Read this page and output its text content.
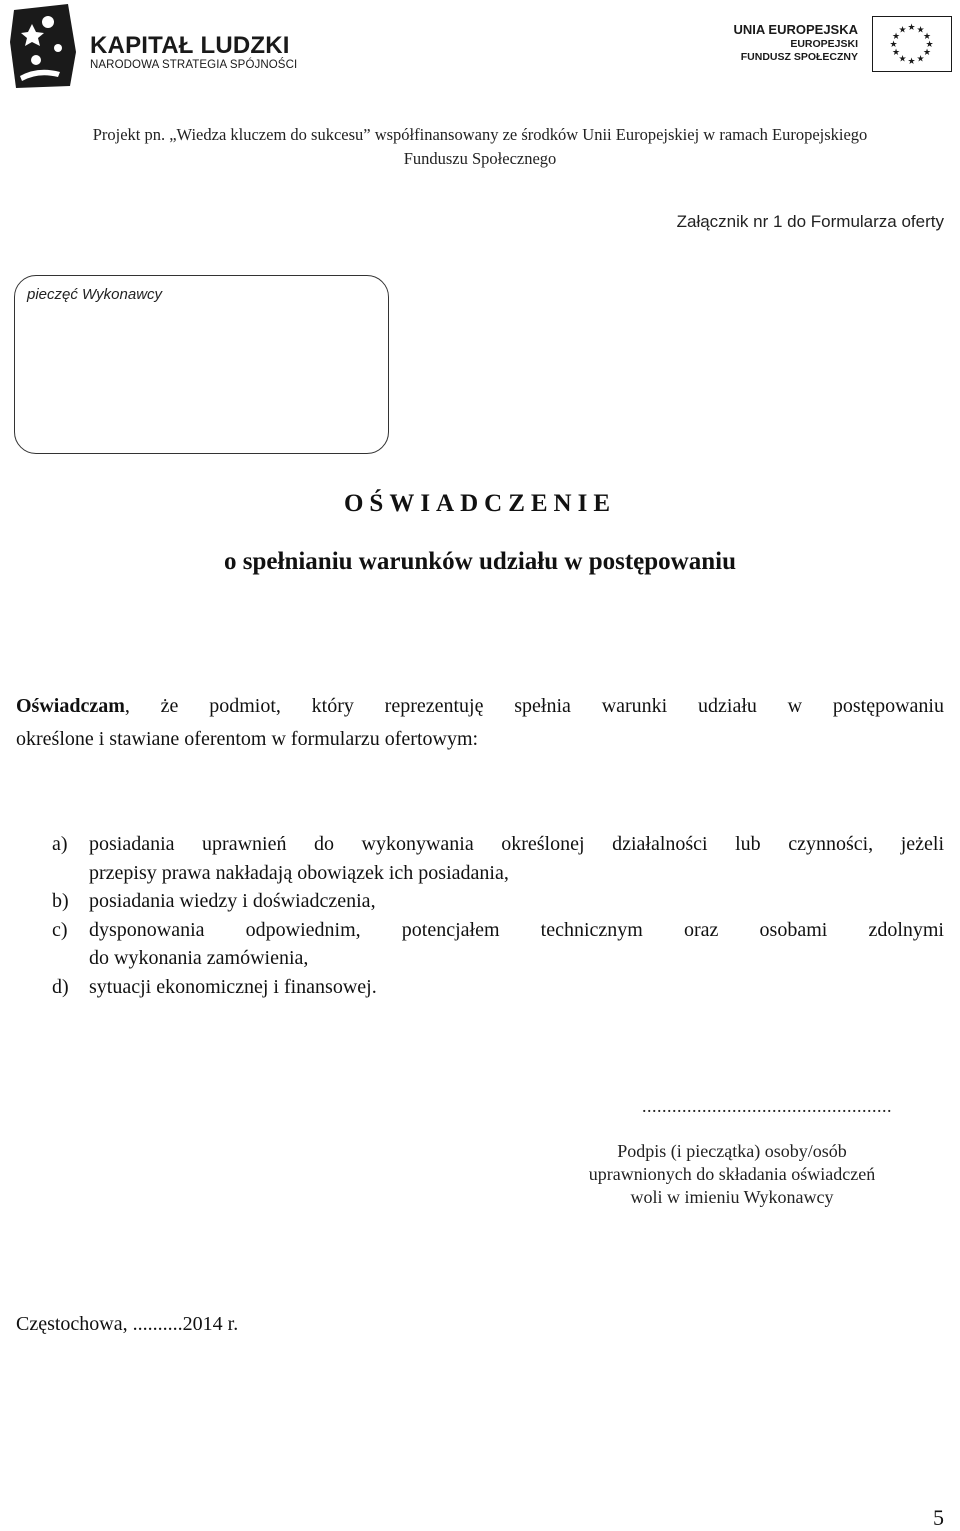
KAPITAŁ LUDZKI
NARODOWA STRATEGIA SPÓJNOŚCI
UNIA EUROPEJSKA
EUROPEJSKI
FUNDUSZ SPOŁECZNY
★ ★
★
★
★
★
★
★
★
★
★
★
Projekt pn. „Wiedza kluczem do sukcesu” współfinansowany ze środków Unii Europejskiej w ramach Europejskiego
Funduszu Społecznego
Załącznik nr 1 do Formularza oferty
pieczęć Wykonawcy
OŚWIADCZENIE
o spełnianiu warunków udziału w postępowaniu
Oświadczam, że podmiot, który reprezentuję spełnia warunki udziału w postępowaniu
określone i stawiane oferentom w formularzu ofertowym:
a) posiadania uprawnień do wykonywania określonej działalności lub czynności, jeżeli
przepisy prawa nakładają obowiązek ich posiadania,
b) posiadania wiedzy i doświadczenia,
c) dysponowania odpowiednim, potencjałem technicznym oraz osobami zdolnymi
do wykonania zamówienia,
d) sytuacji ekonomicznej i finansowej.
..................................................
Podpis (i pieczątka) osoby/osób
uprawnionych do składania oświadczeń
woli w imieniu Wykonawcy
Częstochowa, ..........2014 r.
5
